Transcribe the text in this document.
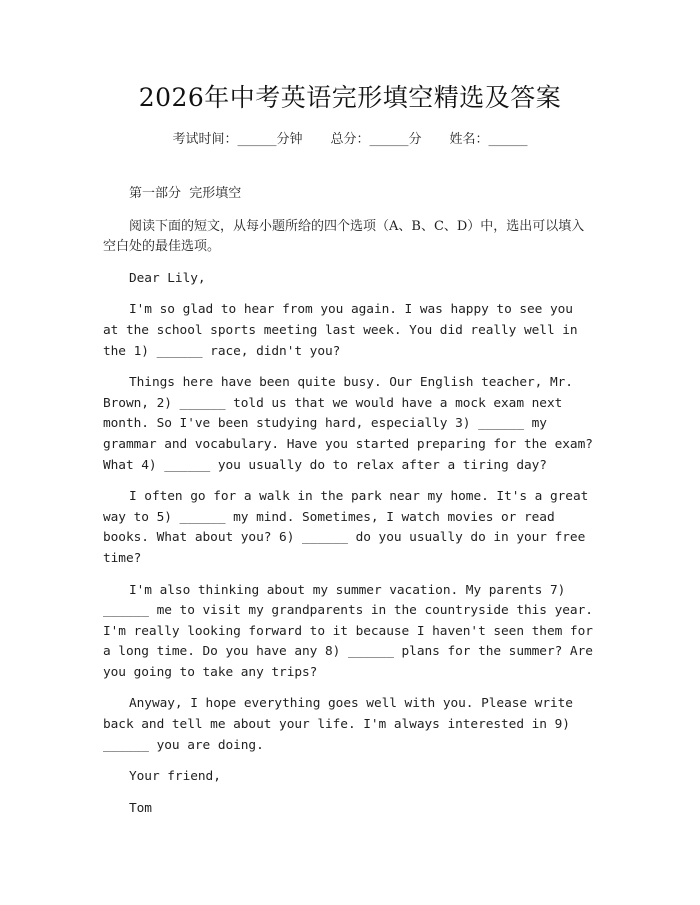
2026年中考英语完形填空精选及答案
考试时间：______分钟 总分：______分 姓名：______

第一部分  完形填空

阅读下面的短文，从每小题所给的四个选项（A、B、C、D）中，选出可以填入空白处的最佳选项。

Dear Lily,

I'm so glad to hear from you again. I was happy to see you at the school sports meeting last week. You did really well in the 1) ______ race, didn't you?

Things here have been quite busy. Our English teacher, Mr. Brown, 2) ______ told us that we would have a mock exam next month. So I've been studying hard, especially 3) ______ my grammar and vocabulary. Have you started preparing for the exam? What 4) ______ you usually do to relax after a tiring day?

I often go for a walk in the park near my home. It's a great way to 5) ______ my mind. Sometimes, I watch movies or read books. What about you? 6) ______ do you usually do in your free time?

I'm also thinking about my summer vacation. My parents 7) ______ me to visit my grandparents in the countryside this year. I'm really looking forward to it because I haven't seen them for a long time. Do you have any 8) ______ plans for the summer? Are you going to take any trips?

Anyway, I hope everything goes well with you. Please write back and tell me about your life. I'm always interested in 9) ______ you are doing.

Your friend,

Tom
